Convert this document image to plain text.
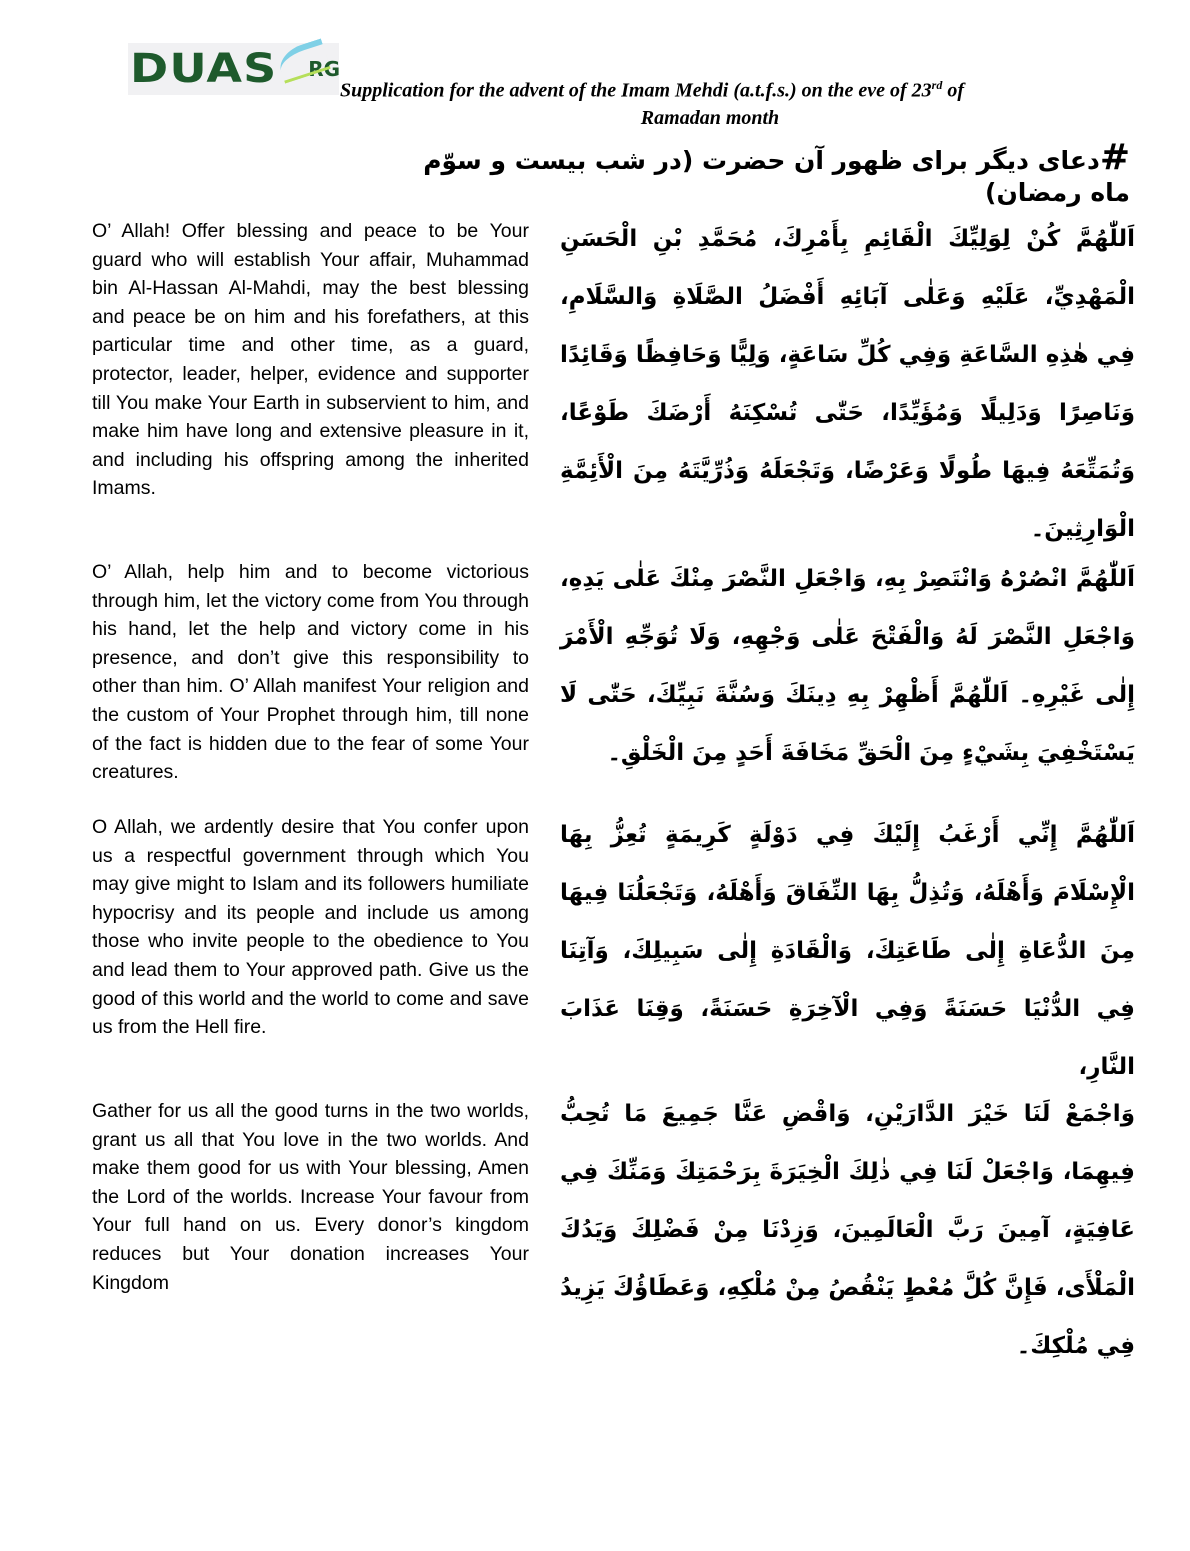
DUAS RG
Supplication for the advent of the Imam Mehdi (a.t.f.s.) on the eve of 23rd of
Ramadan month
#دعای دیگر برای ظهور آن حضرت (در شب بیست و سوّم ماه رمضان)
O’ Allah! Offer blessing and peace to be Your guard who will establish Your affair, Muhammad bin Al-Hassan Al-Mahdi, may the best blessing and peace be on him and his forefathers, at this particular time and other time, as a guard, protector, leader, helper, evidence and supporter till You make Your Earth in subservient to him, and make him have long and extensive pleasure in it, and including his offspring among the inherited Imams.
اَللّٰهُمَّ كُنْ لِوَلِيِّكَ الْقَائِمِ بِأَمْرِكَ، مُحَمَّدِ بْنِ الْحَسَنِ الْمَهْدِيِّ، عَلَيْهِ وَعَلٰى آبَائِهِ أَفْضَلُ الصَّلَاةِ وَالسَّلَامِ، فِي هٰذِهِ السَّاعَةِ وَفِي كُلِّ سَاعَةٍ، وَلِيًّا وَحَافِظًا وَقَائِدًا وَنَاصِرًا وَدَلِيلًا وَمُؤَيِّدًا، حَتّٰى تُسْكِنَهُ أَرْضَكَ طَوْعًا، وَتُمَتِّعَهُ فِيهَا طُولًا وَعَرْضًا، وَتَجْعَلَهُ وَذُرِّيَّتَهُ مِنَ الْأَئِمَّةِ الْوَارِثِينَ۔
O’ Allah, help him and to become victorious through him, let the victory come from You through his hand, let the help and victory come in his presence, and don’t give this responsibility to other than him. O’ Allah manifest Your religion and the custom of Your Prophet through him, till none of the fact is hidden due to the fear of some Your creatures.
اَللّٰهُمَّ انْصُرْهُ وَانْتَصِرْ بِهِ، وَاجْعَلِ النَّصْرَ مِنْكَ عَلٰى يَدِهِ، وَاجْعَلِ النَّصْرَ لَهُ وَالْفَتْحَ عَلٰى وَجْهِهِ، وَلَا تُوَجِّهِ الْأَمْرَ إِلٰى غَيْرِهِ۔ اَللّٰهُمَّ أَظْهِرْ بِهِ دِينَكَ وَسُنَّةَ نَبِيِّكَ، حَتّٰى لَا يَسْتَخْفِيَ بِشَيْءٍ مِنَ الْحَقِّ مَخَافَةَ أَحَدٍ مِنَ الْخَلْقِ۔
O Allah, we ardently desire that You confer upon us a respectful government through which You may give might to Islam and its followers humiliate hypocrisy and its people and include us among those who invite people to the obedience to You and lead them to Your approved path. Give us the good of this world and the world to come and save us from the Hell fire.
اَللّٰهُمَّ إِنِّي أَرْغَبُ إِلَيْكَ فِي دَوْلَةٍ كَرِيمَةٍ تُعِزُّ بِهَا الْإِسْلَامَ وَأَهْلَهُ، وَتُذِلُّ بِهَا النِّفَاقَ وَأَهْلَهُ، وَتَجْعَلُنَا فِيهَا مِنَ الدُّعَاةِ إِلٰى طَاعَتِكَ، وَالْقَادَةِ إِلٰى سَبِيلِكَ، وَآتِنَا فِي الدُّنْيَا حَسَنَةً وَفِي الْآخِرَةِ حَسَنَةً، وَقِنَا عَذَابَ النَّارِ،
Gather for us all the good turns in the two worlds, grant us all that You love in the two worlds. And make them good for us with Your blessing, Amen the Lord of the worlds. Increase Your favour from Your full hand on us. Every donor’s kingdom reduces but Your donation increases Your Kingdom
وَاجْمَعْ لَنَا خَيْرَ الدَّارَيْنِ، وَاقْضِ عَنَّا جَمِيعَ مَا تُحِبُّ فِيهِمَا، وَاجْعَلْ لَنَا فِي ذٰلِكَ الْخِيَرَةَ بِرَحْمَتِكَ وَمَنِّكَ فِي عَافِيَةٍ، آمِينَ رَبَّ الْعَالَمِينَ، وَزِدْنَا مِنْ فَضْلِكَ وَيَدُكَ الْمَلْأَى، فَإِنَّ كُلَّ مُعْطٍ يَنْقُصُ مِنْ مُلْكِهِ، وَعَطَاؤُكَ يَزِيدُ فِي مُلْكِكَ۔
